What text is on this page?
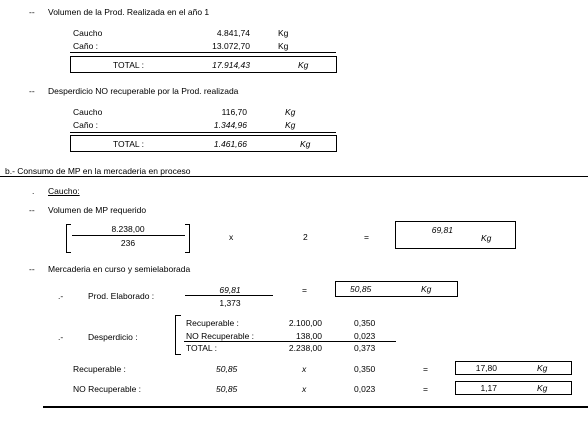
-- Volumen de la Prod. Realizada en el año 1
Caucho	4.841,74	Kg
Caño :	13.072,70	Kg
TOTAL :	17.914,43	Kg
-- Desperdicio NO recuperable por la Prod. realizada
Caucho	116,70	Kg
Caño :	1.344,96	Kg
TOTAL :	1.461,66	Kg
b.- Consumo de MP en la mercaderia en proceso
. Caucho:
-- Volumen de MP requerido
8.238,00
236
x	2	=
69,81
Kg
-- Mercaderia en curso y semielaborada
.-	Prod. Elaborado :
69,81
1,373
=	50,85	Kg
.-	Desperdicio :
Recuperable :	2.100,00	0,350
NO Recuperable :	138,00	0,023
TOTAL :	2.238,00	0,373
Recuperable :	50,85	x	0,350	=	17,80	Kg
NO Recuperable :	50,85	x	0,023	=	1,17	Kg
